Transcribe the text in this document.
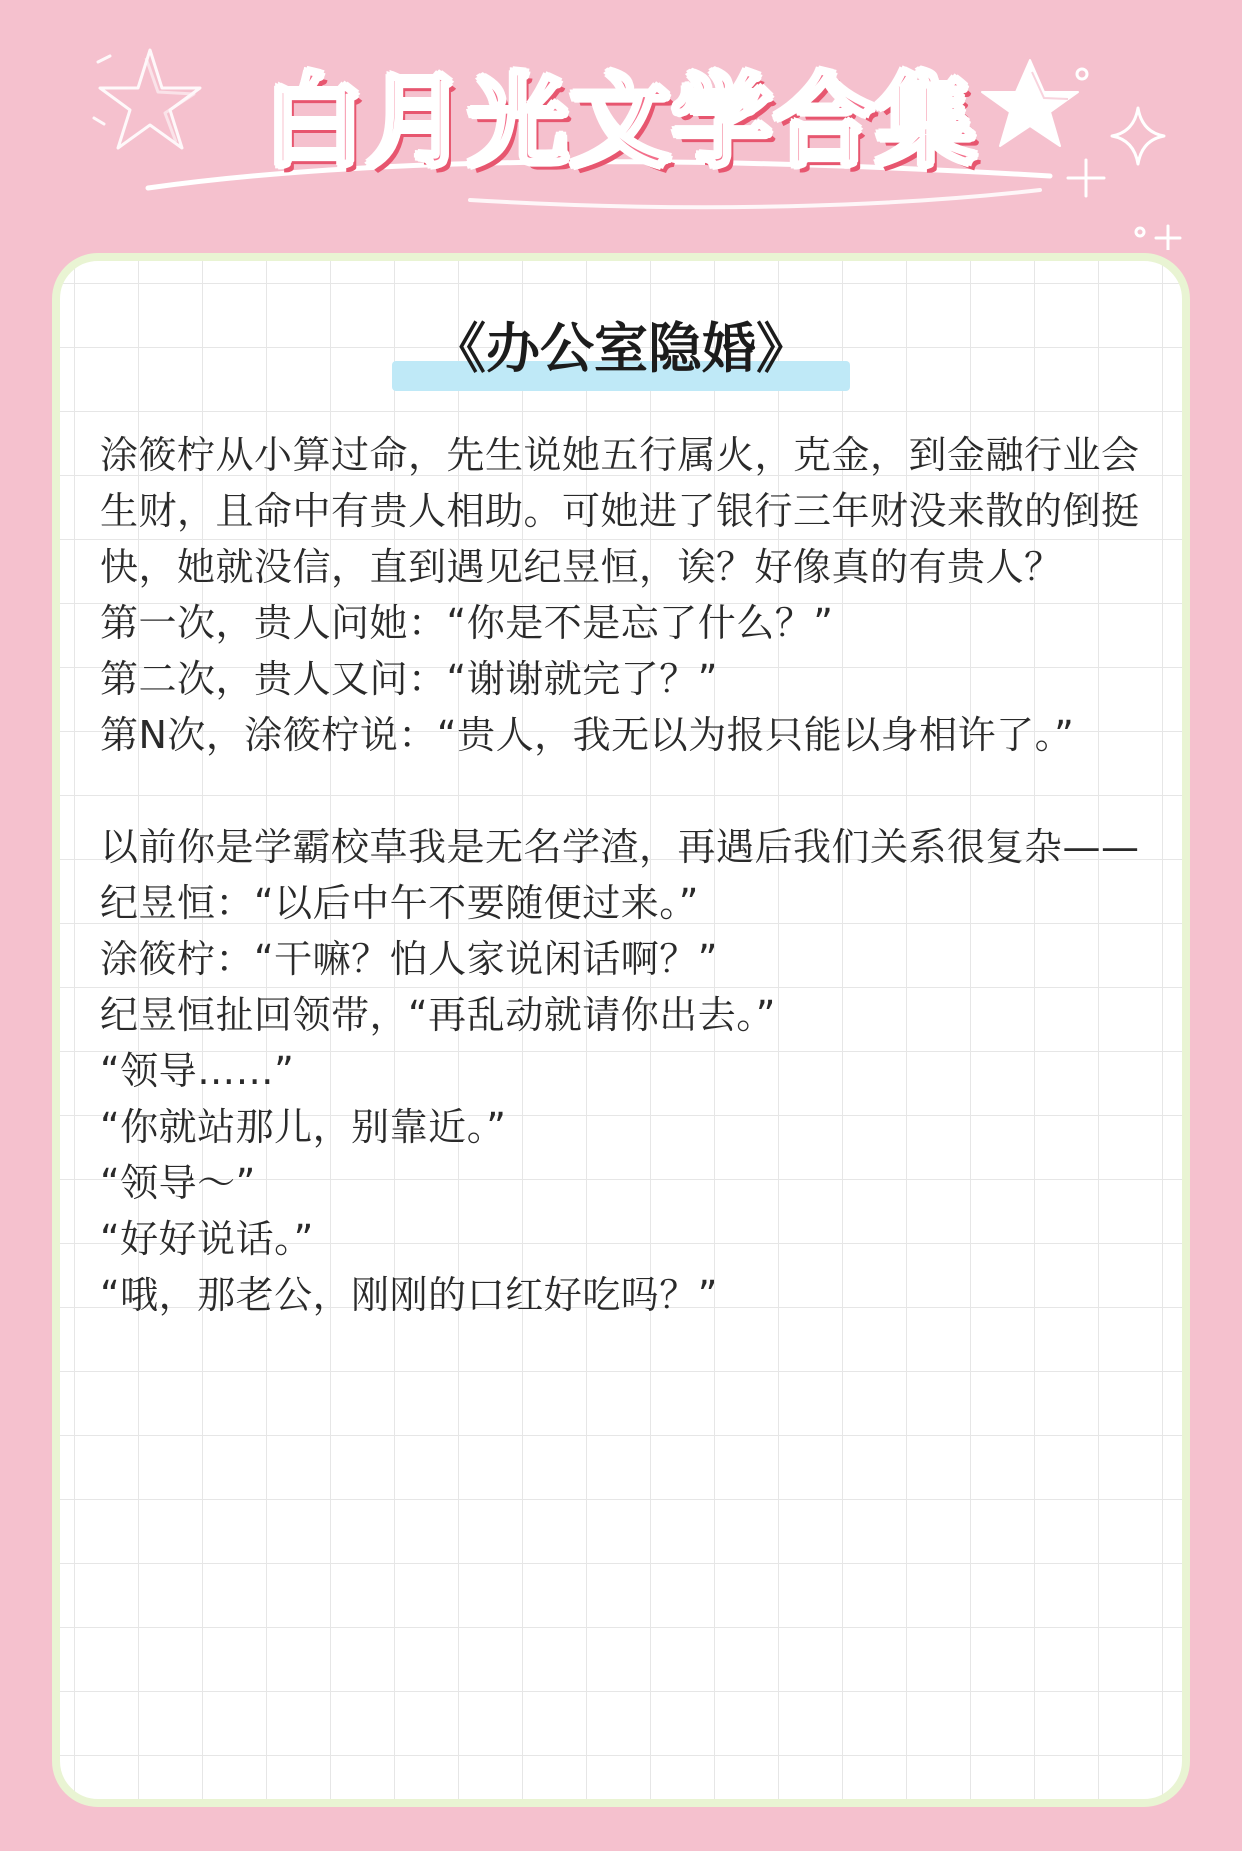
白月光文学合集
《办公室隐婚》

涂筱柠从小算过命，先生说她五行属火，克金，到金融行业会生财，且命中有贵人相助。可她进了银行三年财没来散的倒挺快，她就没信，直到遇见纪昱恒，诶？好像真的有贵人？

第一次，贵人问她：“你是不是忘了什么？”

第二次，贵人又问：“谢谢就完了？”

第N次，涂筱柠说：“贵人，我无以为报只能以身相许了。”

以前你是学霸校草我是无名学渣，再遇后我们关系很复杂——

纪昱恒：“以后中午不要随便过来。”

涂筱柠：“干嘛？怕人家说闲话啊？”

纪昱恒扯回领带，“再乱动就请你出去。”

“领导……”

“你就站那儿，别靠近。”

“领导～”

“好好说话。”

“哦，那老公，刚刚的口红好吃吗？”
